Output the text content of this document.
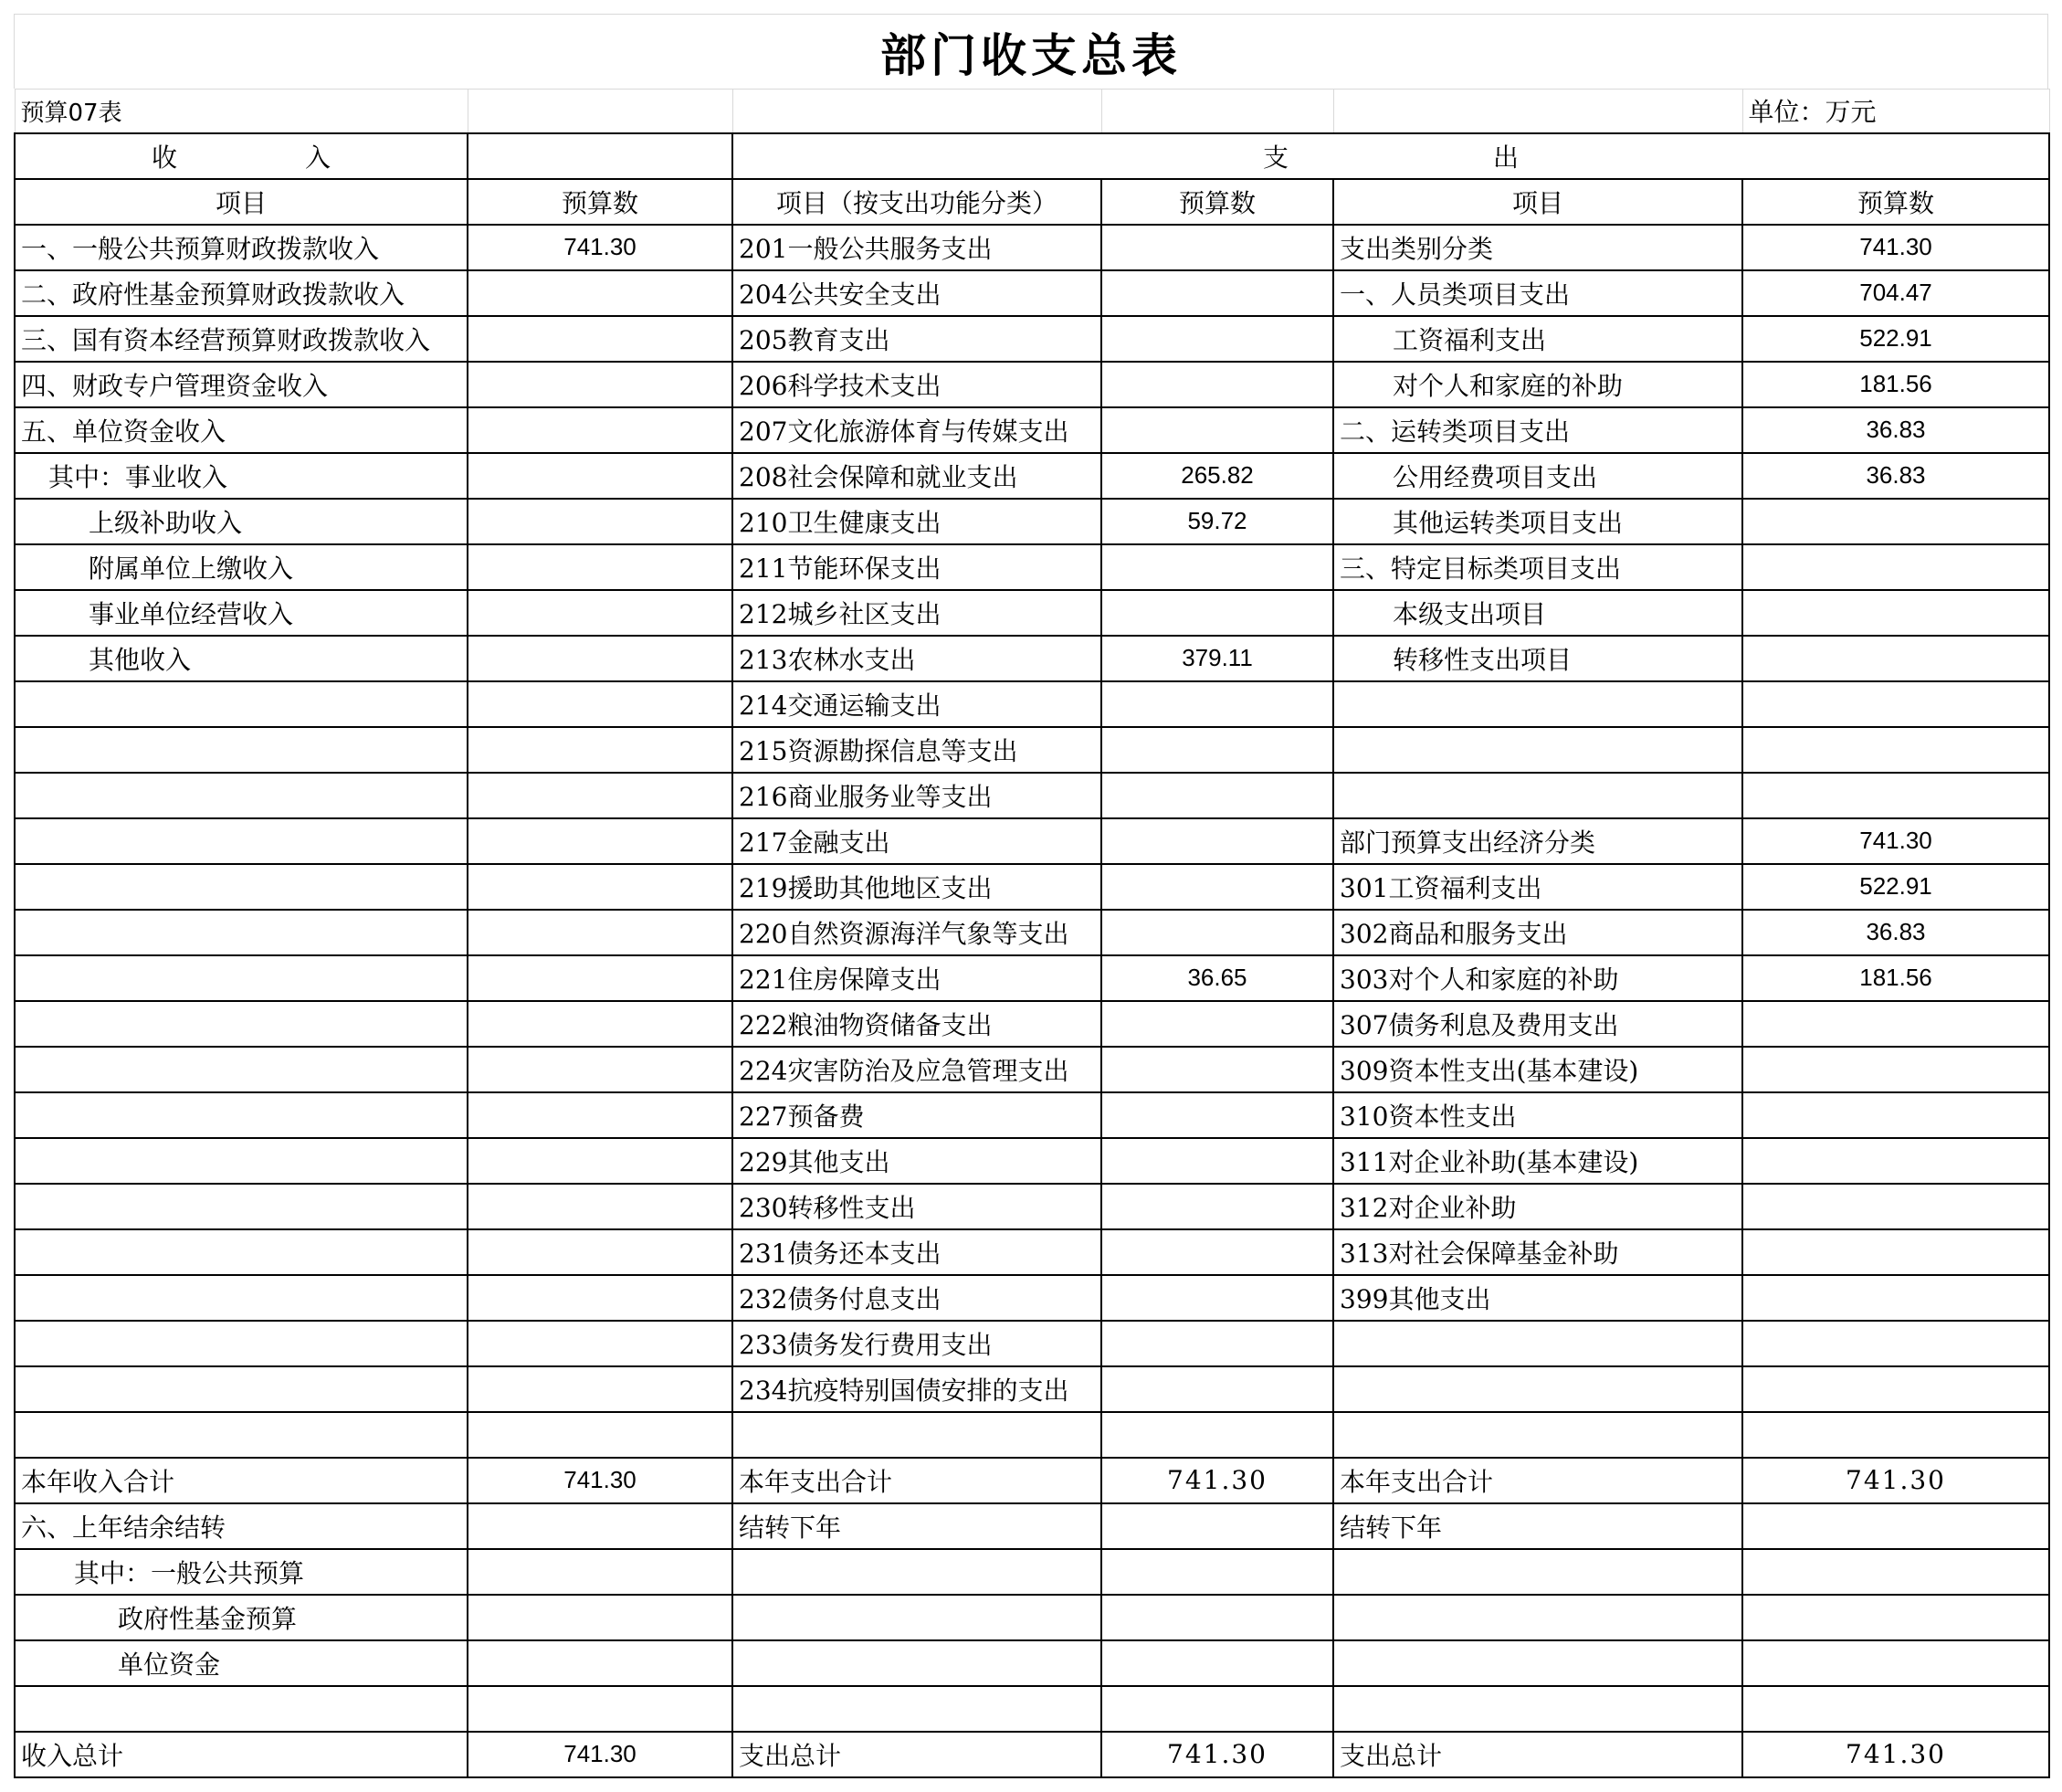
部门收支总表
预算07表					单位：万元
收　　　　　入		支　　　　　　　　出			
项目	预算数	项目（按支出功能分类）	预算数	项目	预算数
一、一般公共预算财政拨款收入	741.30	201一般公共服务支出		支出类别分类	741.30
二、政府性基金预算财政拨款收入		204公共安全支出		一、人员类项目支出	704.47
三、国有资本经营预算财政拨款收入		205教育支出		工资福利支出	522.91
四、财政专户管理资金收入		206科学技术支出		对个人和家庭的补助	181.56
五、单位资金收入		207文化旅游体育与传媒支出		二、运转类项目支出	36.83
其中：事业收入		208社会保障和就业支出	265.82	公用经费项目支出	36.83
上级补助收入		210卫生健康支出	59.72	其他运转类项目支出	
附属单位上缴收入		211节能环保支出		三、特定目标类项目支出	
事业单位经营收入		212城乡社区支出		本级支出项目	
其他收入		213农林水支出	379.11	转移性支出项目	
		214交通运输支出			
		215资源勘探信息等支出			
		216商业服务业等支出			
		217金融支出		部门预算支出经济分类	741.30
		219援助其他地区支出		301工资福利支出	522.91
		220自然资源海洋气象等支出		302商品和服务支出	36.83
		221住房保障支出	36.65	303对个人和家庭的补助	181.56
		222粮油物资储备支出		307债务利息及费用支出	
		224灾害防治及应急管理支出		309资本性支出(基本建设)	
		227预备费		310资本性支出	
		229其他支出		311对企业补助(基本建设)	
		230转移性支出		312对企业补助	
		231债务还本支出		313对社会保障基金补助	
		232债务付息支出		399其他支出	
		233债务发行费用支出			
		234抗疫特别国债安排的支出			

本年收入合计	741.30	本年支出合计	741.30	本年支出合计	741.30
六、上年结余结转		结转下年		结转下年	
其中：一般公共预算					
政府性基金预算					
单位资金					

收入总计	741.30	支出总计	741.30	支出总计	741.30
